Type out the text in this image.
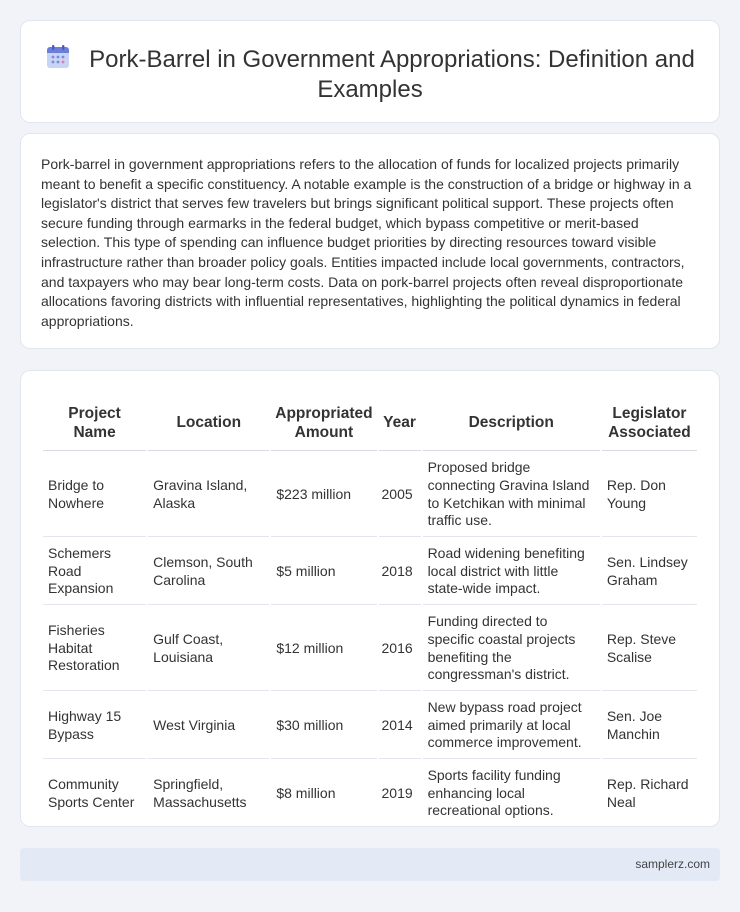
Pork-Barrel in Government Appropriations: Definition and Examples

Pork-barrel in government appropriations refers to the allocation of funds for localized projects primarily meant to benefit a specific constituency. A notable example is the construction of a bridge or highway in a legislator's district that serves few travelers but brings significant political support. These projects often secure funding through earmarks in the federal budget, which bypass competitive or merit-based selection. This type of spending can influence budget priorities by directing resources toward visible infrastructure rather than broader policy goals. Entities impacted include local governments, contractors, and taxpayers who may bear long-term costs. Data on pork-barrel projects often reveal disproportionate allocations favoring districts with influential representatives, highlighting the political dynamics in federal appropriations.

Project Name	Location	Appropriated Amount	Year	Description	Legislator Associated
Bridge to Nowhere	Gravina Island, Alaska	$223 million	2005	Proposed bridge connecting Gravina Island to Ketchikan with minimal traffic use.	Rep. Don Young
Schemers Road Expansion	Clemson, South Carolina	$5 million	2018	Road widening benefiting local district with little state-wide impact.	Sen. Lindsey Graham
Fisheries Habitat Restoration	Gulf Coast, Louisiana	$12 million	2016	Funding directed to specific coastal projects benefiting the congressman's district.	Rep. Steve Scalise
Highway 15 Bypass	West Virginia	$30 million	2014	New bypass road project aimed primarily at local commerce improvement.	Sen. Joe Manchin
Community Sports Center	Springfield, Massachusetts	$8 million	2019	Sports facility funding enhancing local recreational options.	Rep. Richard Neal
samplerz.com
